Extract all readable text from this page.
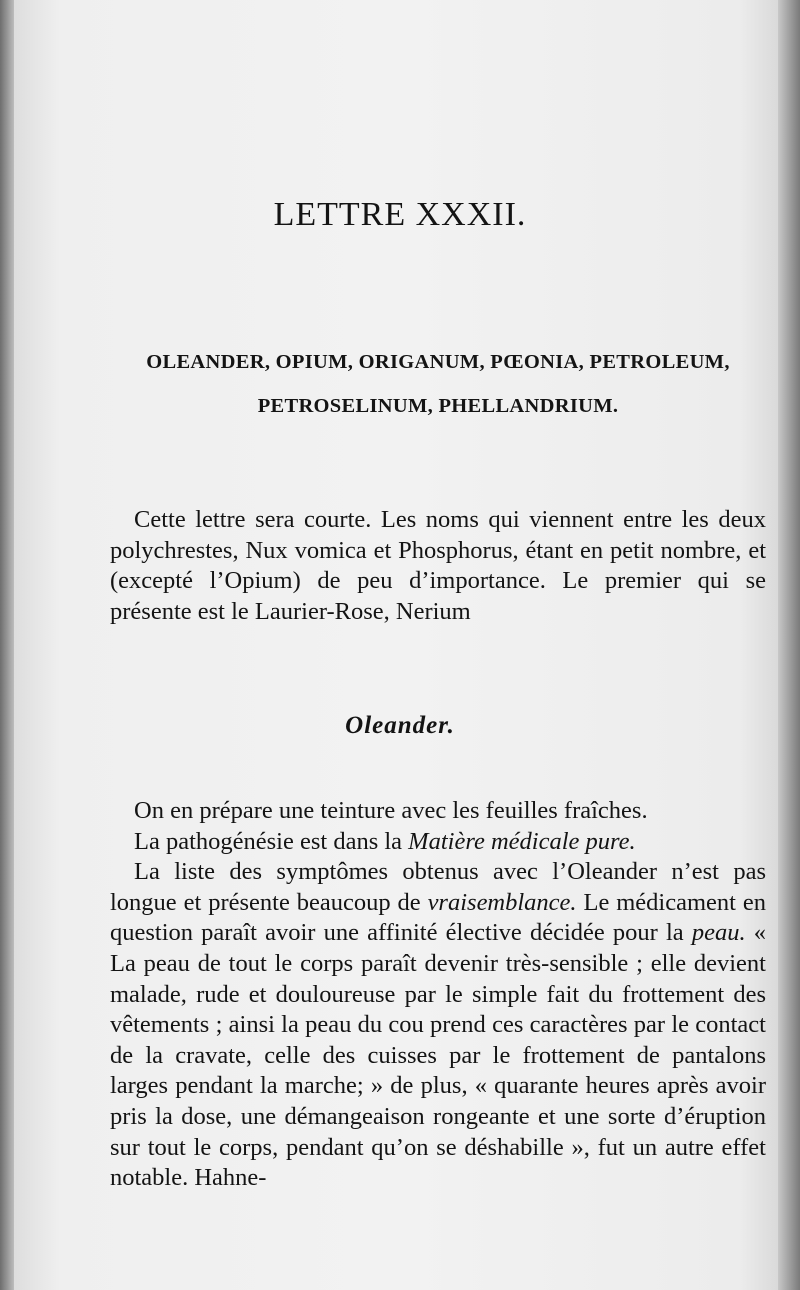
LETTRE XXXII.
OLEANDER, OPIUM, ORIGANUM, PŒONIA, PETROLEUM,
PETROSELINUM, PHELLANDRIUM.

Cette lettre sera courte. Les noms qui viennent entre les deux polychrestes, Nux vomica et Phosphorus, étant en petit nombre, et (excepté l’Opium) de peu d’importance. Le premier qui se présente est le Laurier-Rose, Nerium

Oleander.

On en prépare une teinture avec les feuilles fraîches.

La pathogénésie est dans la Matière médicale pure.

La liste des symptômes obtenus avec l’Oleander n’est pas longue et présente beaucoup de vraisemblance. Le médicament en question paraît avoir une affinité élective décidée pour la peau. « La peau de tout le corps paraît devenir très-sensible ; elle devient malade, rude et douloureuse par le simple fait du frottement des vêtements ; ainsi la peau du cou prend ces caractères par le contact de la cravate, celle des cuisses par le frottement de pantalons larges pendant la marche; » de plus, « quarante heures après avoir pris la dose, une démangeaison rongeante et une sorte d’éruption sur tout le corps, pendant qu’on se déshabille », fut un autre effet notable. Hahne-
